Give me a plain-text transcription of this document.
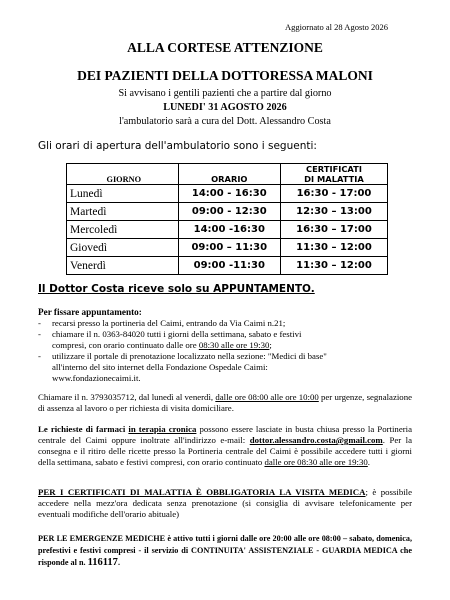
Aggiornato al 28 Agosto 2026
ALLA CORTESE ATTENZIONE
DEI PAZIENTI DELLA DOTTORESSA MALONI
Si avvisano i gentili pazienti che a partire dal giorno
LUNEDI' 31 AGOSTO 2026
l'ambulatorio sarà a cura del Dott. Alessandro Costa
Gli orari di apertura dell'ambulatorio sono i seguenti:
GIORNO	ORARIO	CERTIFICATI
DI MALATTIA

Lunedì	14:00 - 16:30	16:30 - 17:00
Martedì	09:00 - 12:30	12:30 – 13:00
Mercoledì	14:00 -16:30	16:30 – 17:00
Giovedì	09:00 – 11:30	11:30 – 12:00
Venerdì	09:00 -11:30	11:30 – 12:00
Il Dottor Costa riceve solo su APPUNTAMENTO.
Per fissare appuntamento:
- recarsi presso la portineria del Caimi, entrando da Via Caimi n.21;
- chiamare il n. 0363-84020 tutti i giorni della settimana, sabato e festivi
compresi, con orario continuato dalle ore 08:30 alle ore 19:30;
- utilizzare il portale di prenotazione localizzato nella sezione: "Medici di base"
all'interno del sito internet della Fondazione Ospedale Caimi:
www.fondazionecaimi.it.
Chiamare il n. 3793035712, dal lunedì al venerdì, dalle ore 08:00 alle ore 10:00 per urgenze, segnalazione di assenza al lavoro o per richiesta di visita domiciliare.
Le richieste di farmaci in terapia cronica possono essere lasciate in busta chiusa presso la Portineria centrale del Caimi oppure inoltrate all'indirizzo e-mail: dottor.alessandro.costa@gmail.com. Per la consegna e il ritiro delle ricette presso la Portineria centrale del Caimi è possibile accedere tutti i giorni della settimana, sabato e festivi compresi, con orario continuato dalle ore 08:30 alle ore 19:30.
PER I CERTIFICATI DI MALATTIA È OBBLIGATORIA LA VISITA MEDICA; è possibile accedere nella mezz'ora dedicata senza prenotazione (si consiglia di avvisare telefonicamente per eventuali modifiche dell'orario abituale)
PER LE EMERGENZE MEDICHE è attivo tutti i giorni dalle ore 20:00 alle ore 08:00 – sabato, domenica, prefestivi e festivi compresi - il servizio di CONTINUITA' ASSISTENZIALE - GUARDIA MEDICA che risponde al n. 116117.
